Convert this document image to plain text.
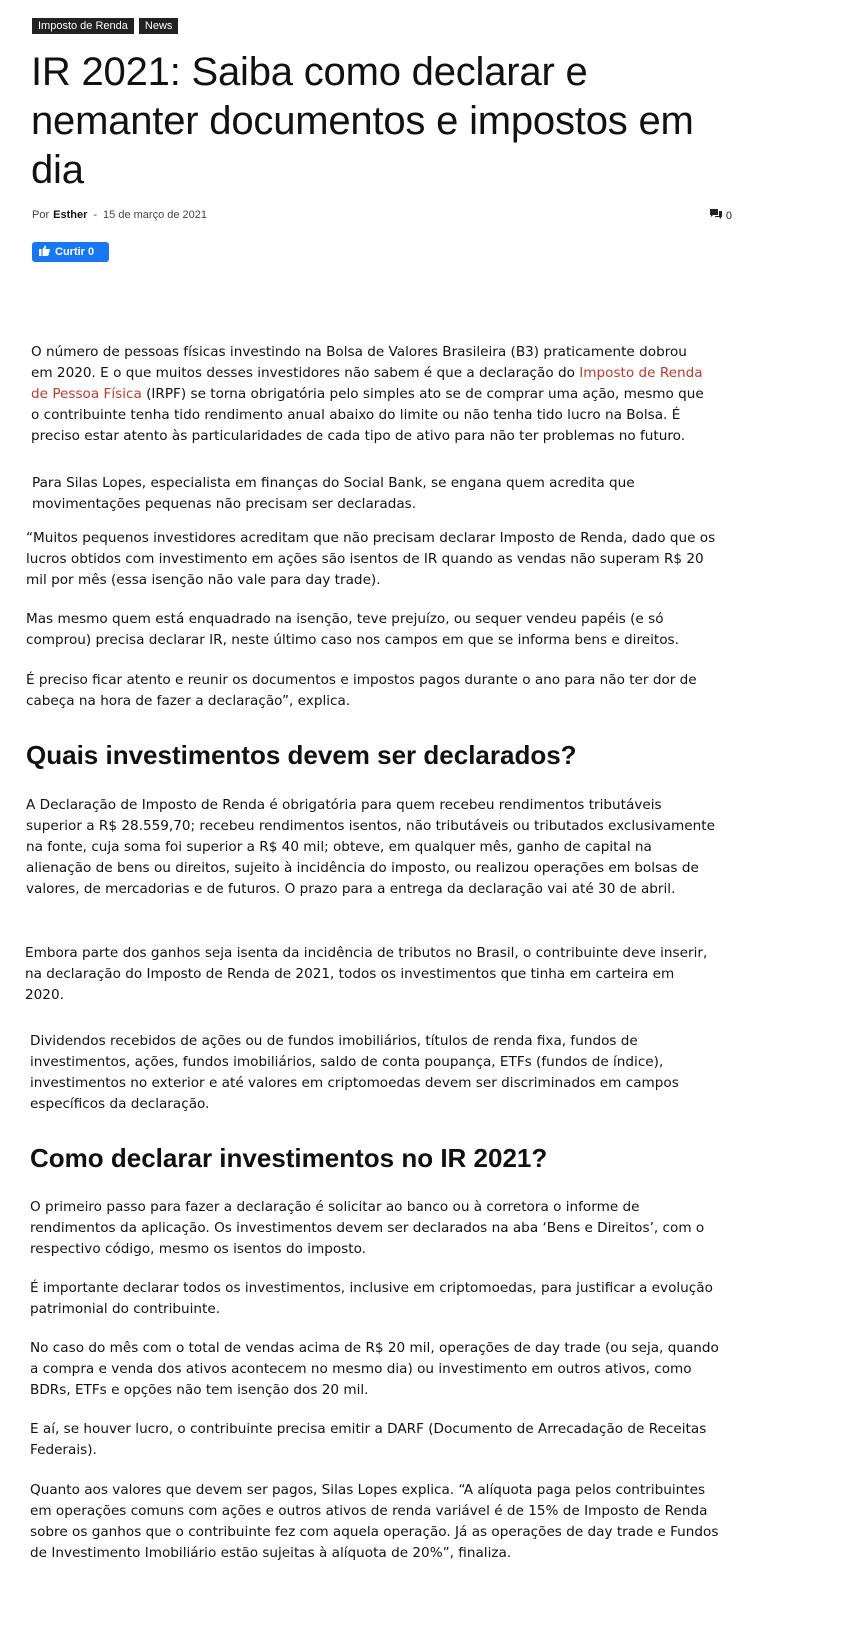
Imposto de Renda	News
IR 2021: Saiba como declarar e nemanter documentos e impostos em dia
Por Esther - 15 de março de 2021	0
Curtir 0

O número de pessoas físicas investindo na Bolsa de Valores Brasileira (B3) praticamente dobrou em 2020. E o que muitos desses investidores não sabem é que a declaração do Imposto de Renda de Pessoa Física (IRPF) se torna obrigatória pelo simples ato se de comprar uma ação, mesmo que o contribuinte tenha tido rendimento anual abaixo do limite ou não tenha tido lucro na Bolsa. É preciso estar atento às particularidades de cada tipo de ativo para não ter problemas no futuro.

Para Silas Lopes, especialista em finanças do Social Bank, se engana quem acredita que movimentações pequenas não precisam ser declaradas.

“Muitos pequenos investidores acreditam que não precisam declarar Imposto de Renda, dado que os lucros obtidos com investimento em ações são isentos de IR quando as vendas não superam R$ 20 mil por mês (essa isenção não vale para day trade).

Mas mesmo quem está enquadrado na isenção, teve prejuízo, ou sequer vendeu papéis (e só comprou) precisa declarar IR, neste último caso nos campos em que se informa bens e direitos.

É preciso ficar atento e reunir os documentos e impostos pagos durante o ano para não ter dor de cabeça na hora de fazer a declaração”, explica.

Quais investimentos devem ser declarados?

A Declaração de Imposto de Renda é obrigatória para quem recebeu rendimentos tributáveis superior a R$ 28.559,70; recebeu rendimentos isentos, não tributáveis ou tributados exclusivamente na fonte, cuja soma foi superior a R$ 40 mil; obteve, em qualquer mês, ganho de capital na alienação de bens ou direitos, sujeito à incidência do imposto, ou realizou operações em bolsas de valores, de mercadorias e de futuros. O prazo para a entrega da declaração vai até 30 de abril.

Embora parte dos ganhos seja isenta da incidência de tributos no Brasil, o contribuinte deve inserir, na declaração do Imposto de Renda de 2021, todos os investimentos que tinha em carteira em 2020.

Dividendos recebidos de ações ou de fundos imobiliários, títulos de renda fixa, fundos de investimentos, ações, fundos imobiliários, saldo de conta poupança, ETFs (fundos de índice), investimentos no exterior e até valores em criptomoedas devem ser discriminados em campos específicos da declaração.

Como declarar investimentos no IR 2021?

O primeiro passo para fazer a declaração é solicitar ao banco ou à corretora o informe de rendimentos da aplicação. Os investimentos devem ser declarados na aba ‘Bens e Direitos’, com o respectivo código, mesmo os isentos do imposto.

É importante declarar todos os investimentos, inclusive em criptomoedas, para justificar a evolução patrimonial do contribuinte.

No caso do mês com o total de vendas acima de R$ 20 mil, operações de day trade (ou seja, quando a compra e venda dos ativos acontecem no mesmo dia) ou investimento em outros ativos, como BDRs, ETFs e opções não tem isenção dos 20 mil.

E aí, se houver lucro, o contribuinte precisa emitir a DARF (Documento de Arrecadação de Receitas Federais).

Quanto aos valores que devem ser pagos, Silas Lopes explica. “A alíquota paga pelos contribuintes em operações comuns com ações e outros ativos de renda variável é de 15% de Imposto de Renda sobre os ganhos que o contribuinte fez com aquela operação. Já as operações de day trade e Fundos de Investimento Imobiliário estão sujeitas à alíquota de 20%”, finaliza.
